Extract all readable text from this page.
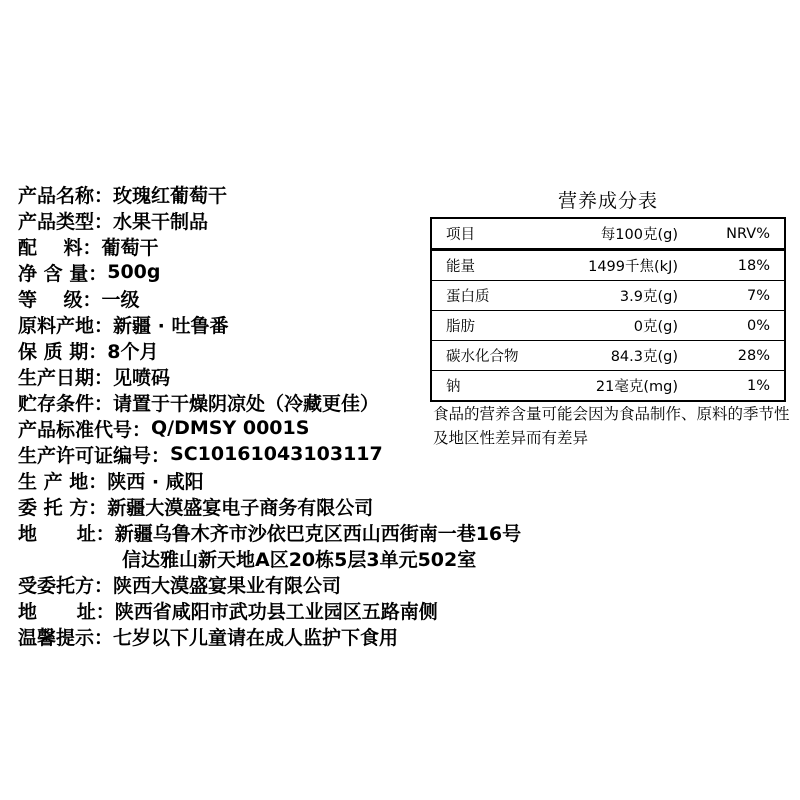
产品名称： 玫瑰红葡萄干
产品类型： 水果干制品
配    料： 葡萄干
净 含 量： 500g
等    级： 一级
原料产地： 新疆 · 吐鲁番
保 质 期： 8个月
生产日期： 见喷码
贮存条件： 请置于干燥阴凉处（冷藏更佳）
产品标准代号： Q/DMSY 0001S
生产许可证编号： SC10161043103117
生 产 地： 陕西 · 咸阳
委 托 方： 新疆大漠盛宴电子商务有限公司
地      址： 新疆乌鲁木齐市沙依巴克区西山西街南一巷16号
信达雅山新天地A区20栋5层3单元502室
受委托方： 陕西大漠盛宴果业有限公司
地      址： 陕西省咸阳市武功县工业园区五路南侧
温馨提示： 七岁以下儿童请在成人监护下食用
营养成分表
项目	每100克(g)	NRV%
能量	1499千焦(kJ)	18%
蛋白质	3.9克(g)	7%
脂肪	0克(g)	0%
碳水化合物	84.3克(g)	28%
钠	21毫克(mg)	1%
食品的营养含量可能会因为食品制作、原料的季节性及地区性差异而有差异
